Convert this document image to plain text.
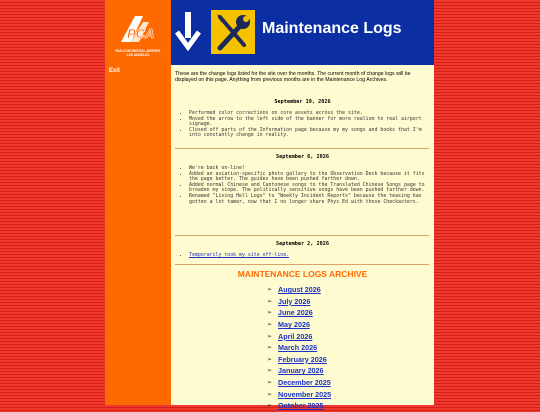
PCA
PAN-CONTINENTAL AIRPORT
LOS ANGELES
Exit
Maintenance Logs
These are the change logs listed for the site over the months. The current month of change logs will be displayed on this page. Anything from previous months are in the Maintenance Log Archives.
September 19, 2026
• Performed color corrections on core assets across the site.
• Moved the arrow to the left side of the banner for more realism to real airport signage.
• Closed off parts of the Information page because my my songs and books that I'm into constantly change in reality.
September 6, 2026
• We're back on-line!
• Added an aviation-specific photo gallery to the Observation Deck because it fits the page better. The guides have been pushed farther down.
• Added normal Chinese and Cantonese songs to the Translated Chinese Songs page to broaden my scope. The politically sensitive songs have been pushed farther down.
• Renamed "Living Hell Logs" to "Weekly Incident Reports" because the teasing has gotten a lot tamer, now that I no longer share Phys Ed with those Checkasters.
September 2, 2026
• Temporarily took my site off-line.
MAINTENANCE LOGS ARCHIVE
➢ August 2026
➢ July 2026
➢ June 2026
➢ May 2026
➢ April 2026
➢ March 2026
➢ February 2026
➢ January 2026
➢ December 2025
➢ November 2025
➢ October 2025
